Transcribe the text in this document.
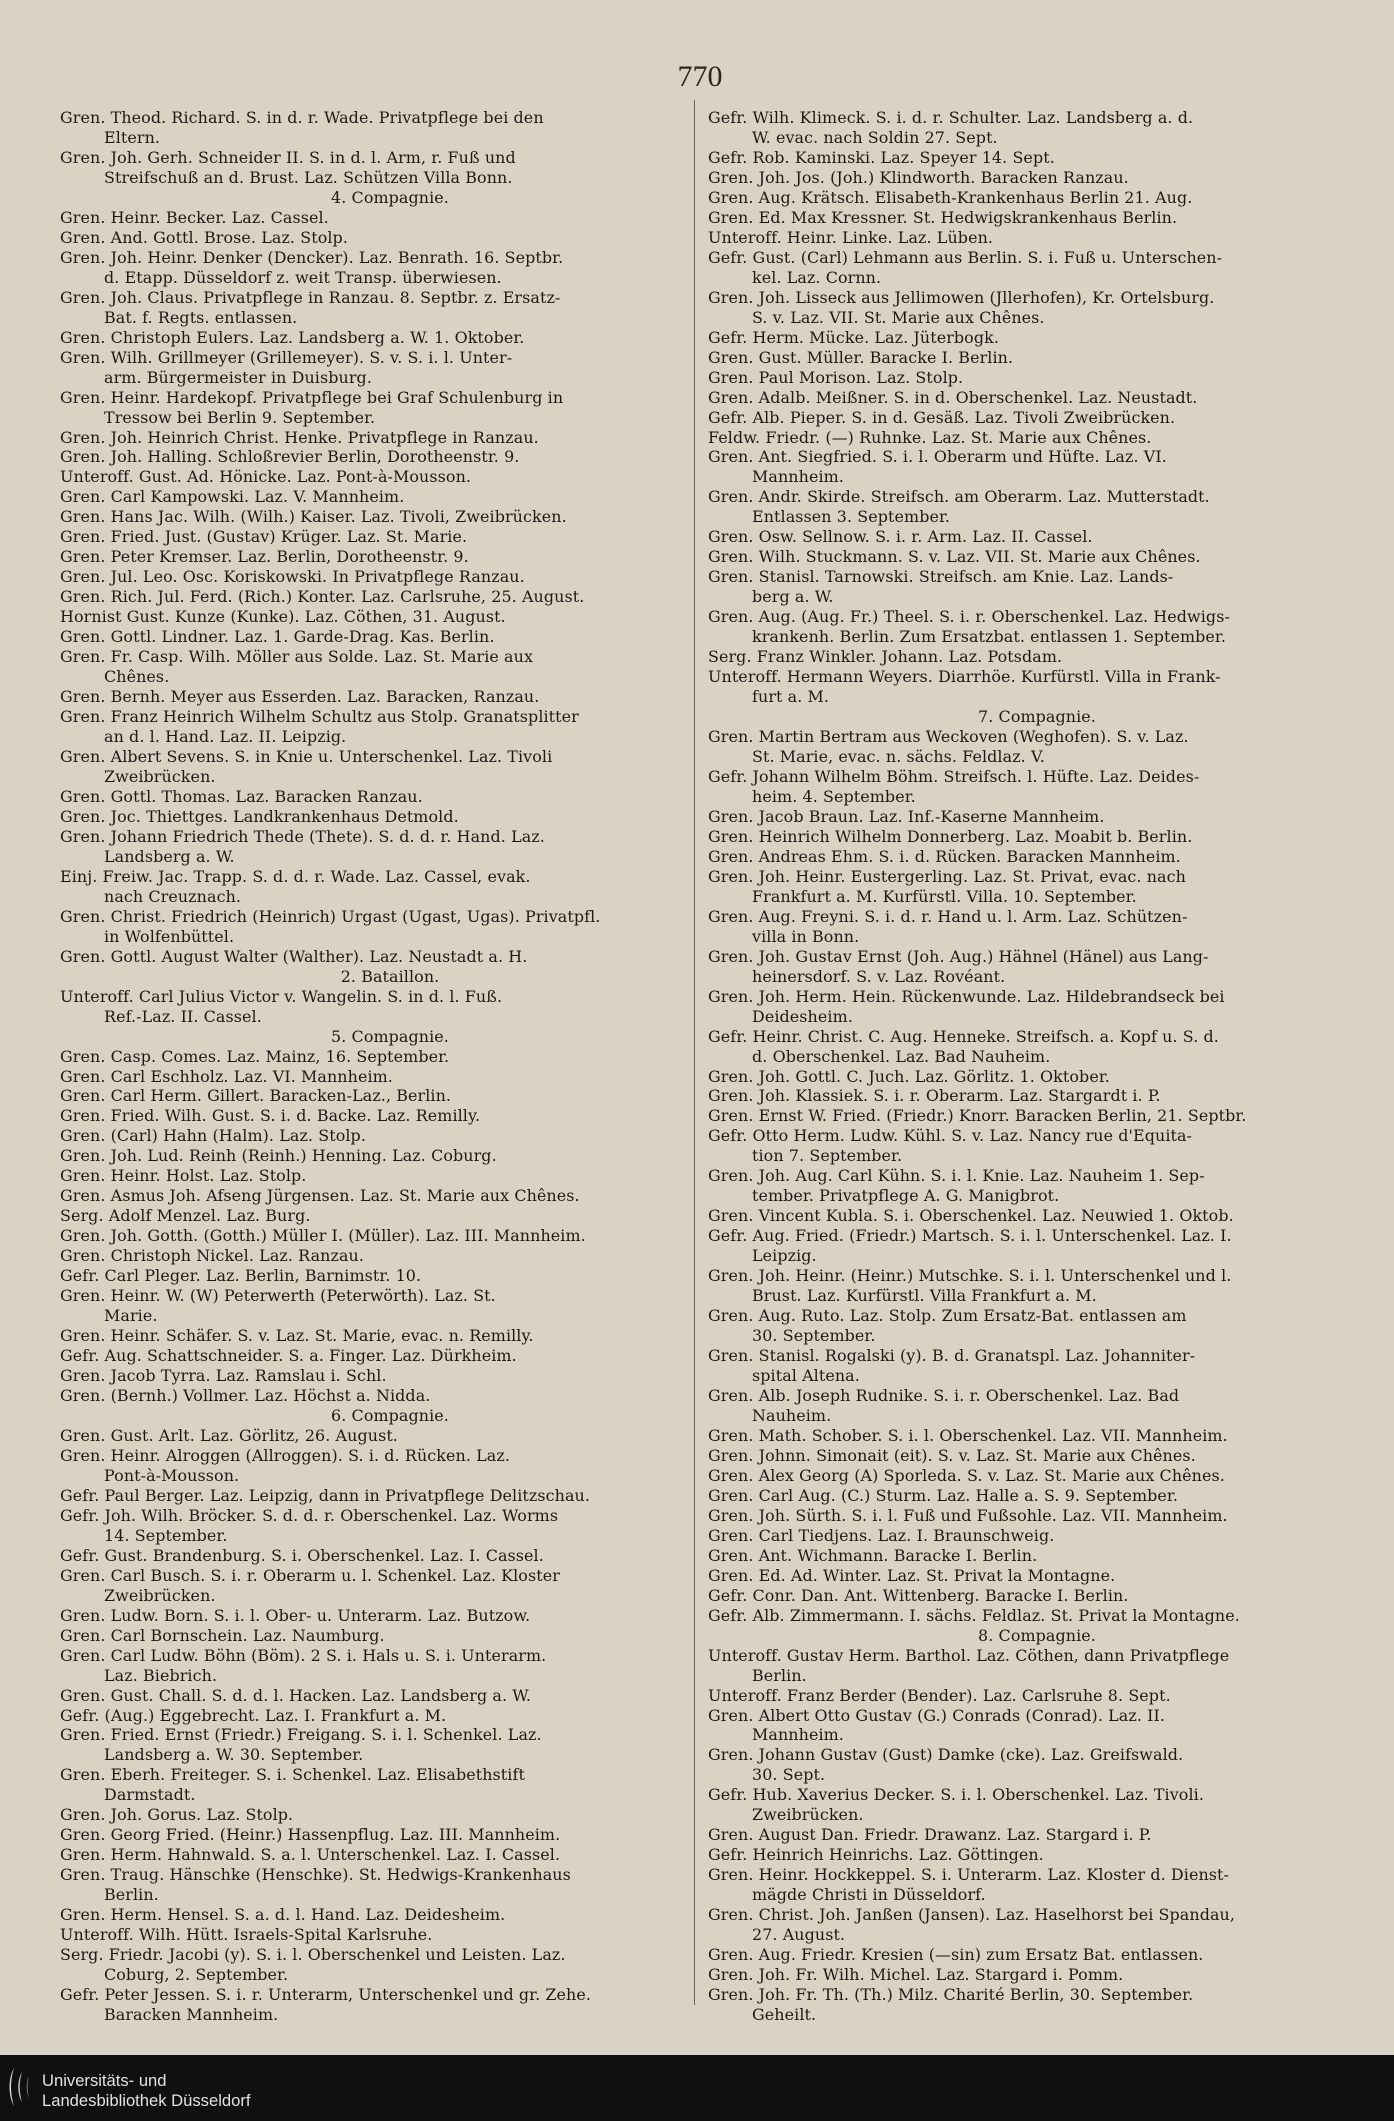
770
Gren. Theod. Richard. S. in d. r. Wade. Privatpflege bei den
Eltern.
Gren. Joh. Gerh. Schneider II. S. in d. l. Arm, r. Fuß und
Streifschuß an d. Brust. Laz. Schützen Villa Bonn.
4. Compagnie.
Gren. Heinr. Becker. Laz. Cassel.
Gren. And. Gottl. Brose. Laz. Stolp.
Gren. Joh. Heinr. Denker (Dencker). Laz. Benrath. 16. Septbr.
d. Etapp. Düsseldorf z. weit Transp. überwiesen.
Gren. Joh. Claus. Privatpflege in Ranzau. 8. Septbr. z. Ersatz-
Bat. f. Regts. entlassen.
Gren. Christoph Eulers. Laz. Landsberg a. W. 1. Oktober.
Gren. Wilh. Grillmeyer (Grillemeyer). S. v. S. i. l. Unter-
arm. Bürgermeister in Duisburg.
Gren. Heinr. Hardekopf. Privatpflege bei Graf Schulenburg in
Tressow bei Berlin 9. September.
Gren. Joh. Heinrich Christ. Henke. Privatpflege in Ranzau.
Gren. Joh. Halling. Schloßrevier Berlin, Dorotheenstr. 9.
Unteroff. Gust. Ad. Hönicke. Laz. Pont-à-Mousson.
Gren. Carl Kampowski. Laz. V. Mannheim.
Gren. Hans Jac. Wilh. (Wilh.) Kaiser. Laz. Tivoli, Zweibrücken.
Gren. Fried. Just. (Gustav) Krüger. Laz. St. Marie.
Gren. Peter Kremser. Laz. Berlin, Dorotheenstr. 9.
Gren. Jul. Leo. Osc. Koriskowski. In Privatpflege Ranzau.
Gren. Rich. Jul. Ferd. (Rich.) Konter. Laz. Carlsruhe, 25. August.
Hornist Gust. Kunze (Kunke). Laz. Cöthen, 31. August.
Gren. Gottl. Lindner. Laz. 1. Garde-Drag. Kas. Berlin.
Gren. Fr. Casp. Wilh. Möller aus Solde. Laz. St. Marie aux
Chênes.
Gren. Bernh. Meyer aus Esserden. Laz. Baracken, Ranzau.
Gren. Franz Heinrich Wilhelm Schultz aus Stolp. Granatsplitter
an d. l. Hand. Laz. II. Leipzig.
Gren. Albert Sevens. S. in Knie u. Unterschenkel. Laz. Tivoli
Zweibrücken.
Gren. Gottl. Thomas. Laz. Baracken Ranzau.
Gren. Joc. Thiettges. Landkrankenhaus Detmold.
Gren. Johann Friedrich Thede (Thete). S. d. d. r. Hand. Laz.
Landsberg a. W.
Einj. Freiw. Jac. Trapp. S. d. d. r. Wade. Laz. Cassel, evak.
nach Creuznach.
Gren. Christ. Friedrich (Heinrich) Urgast (Ugast, Ugas). Privatpfl.
in Wolfenbüttel.
Gren. Gottl. August Walter (Walther). Laz. Neustadt a. H.
2. Bataillon.
Unteroff. Carl Julius Victor v. Wangelin. S. in d. l. Fuß.
Ref.-Laz. II. Cassel.
5. Compagnie.
Gren. Casp. Comes. Laz. Mainz, 16. September.
Gren. Carl Eschholz. Laz. VI. Mannheim.
Gren. Carl Herm. Gillert. Baracken-Laz., Berlin.
Gren. Fried. Wilh. Gust. S. i. d. Backe. Laz. Remilly.
Gren. (Carl) Hahn (Halm). Laz. Stolp.
Gren. Joh. Lud. Reinh (Reinh.) Henning. Laz. Coburg.
Gren. Heinr. Holst. Laz. Stolp.
Gren. Asmus Joh. Afseng Jürgensen. Laz. St. Marie aux Chênes.
Serg. Adolf Menzel. Laz. Burg.
Gren. Joh. Gotth. (Gotth.) Müller I. (Müller). Laz. III. Mannheim.
Gren. Christoph Nickel. Laz. Ranzau.
Gefr. Carl Pleger. Laz. Berlin, Barnimstr. 10.
Gren. Heinr. W. (W) Peterwerth (Peterwörth). Laz. St.
Marie.
Gren. Heinr. Schäfer. S. v. Laz. St. Marie, evac. n. Remilly.
Gefr. Aug. Schattschneider. S. a. Finger. Laz. Dürkheim.
Gren. Jacob Tyrra. Laz. Ramslau i. Schl.
Gren. (Bernh.) Vollmer. Laz. Höchst a. Nidda.
6. Compagnie.
Gren. Gust. Arlt. Laz. Görlitz, 26. August.
Gren. Heinr. Alroggen (Allroggen). S. i. d. Rücken. Laz.
Pont-à-Mousson.
Gefr. Paul Berger. Laz. Leipzig, dann in Privatpflege Delitzschau.
Gefr. Joh. Wilh. Bröcker. S. d. d. r. Oberschenkel. Laz. Worms
14. September.
Gefr. Gust. Brandenburg. S. i. Oberschenkel. Laz. I. Cassel.
Gren. Carl Busch. S. i. r. Oberarm u. l. Schenkel. Laz. Kloster
Zweibrücken.
Gren. Ludw. Born. S. i. l. Ober- u. Unterarm. Laz. Butzow.
Gren. Carl Bornschein. Laz. Naumburg.
Gren. Carl Ludw. Böhn (Böm). 2 S. i. Hals u. S. i. Unterarm.
Laz. Biebrich.
Gren. Gust. Chall. S. d. d. l. Hacken. Laz. Landsberg a. W.
Gefr. (Aug.) Eggebrecht. Laz. I. Frankfurt a. M.
Gren. Fried. Ernst (Friedr.) Freigang. S. i. l. Schenkel. Laz.
Landsberg a. W. 30. September.
Gren. Eberh. Freiteger. S. i. Schenkel. Laz. Elisabethstift
Darmstadt.
Gren. Joh. Gorus. Laz. Stolp.
Gren. Georg Fried. (Heinr.) Hassenpflug. Laz. III. Mannheim.
Gren. Herm. Hahnwald. S. a. l. Unterschenkel. Laz. I. Cassel.
Gren. Traug. Hänschke (Henschke). St. Hedwigs-Krankenhaus
Berlin.
Gren. Herm. Hensel. S. a. d. l. Hand. Laz. Deidesheim.
Unteroff. Wilh. Hütt. Israels-Spital Karlsruhe.
Serg. Friedr. Jacobi (y). S. i. l. Oberschenkel und Leisten. Laz.
Coburg, 2. September.
Gefr. Peter Jessen. S. i. r. Unterarm, Unterschenkel und gr. Zehe.
Baracken Mannheim.
Gefr. Wilh. Klimeck. S. i. d. r. Schulter. Laz. Landsberg a. d.
W. evac. nach Soldin 27. Sept.
Gefr. Rob. Kaminski. Laz. Speyer 14. Sept.
Gren. Joh. Jos. (Joh.) Klindworth. Baracken Ranzau.
Gren. Aug. Krätsch. Elisabeth-Krankenhaus Berlin 21. Aug.
Gren. Ed. Max Kressner. St. Hedwigskrankenhaus Berlin.
Unteroff. Heinr. Linke. Laz. Lüben.
Gefr. Gust. (Carl) Lehmann aus Berlin. S. i. Fuß u. Unterschen-
kel. Laz. Cornn.
Gren. Joh. Lisseck aus Jellimowen (Jllerhofen), Kr. Ortelsburg.
S. v. Laz. VII. St. Marie aux Chênes.
Gefr. Herm. Mücke. Laz. Jüterbogk.
Gren. Gust. Müller. Baracke I. Berlin.
Gren. Paul Morison. Laz. Stolp.
Gren. Adalb. Meißner. S. in d. Oberschenkel. Laz. Neustadt.
Gefr. Alb. Pieper. S. in d. Gesäß. Laz. Tivoli Zweibrücken.
Feldw. Friedr. (—) Ruhnke. Laz. St. Marie aux Chênes.
Gren. Ant. Siegfried. S. i. l. Oberarm und Hüfte. Laz. VI.
Mannheim.
Gren. Andr. Skirde. Streifsch. am Oberarm. Laz. Mutterstadt.
Entlassen 3. September.
Gren. Osw. Sellnow. S. i. r. Arm. Laz. II. Cassel.
Gren. Wilh. Stuckmann. S. v. Laz. VII. St. Marie aux Chênes.
Gren. Stanisl. Tarnowski. Streifsch. am Knie. Laz. Lands-
berg a. W.
Gren. Aug. (Aug. Fr.) Theel. S. i. r. Oberschenkel. Laz. Hedwigs-
krankenh. Berlin. Zum Ersatzbat. entlassen 1. September.
Serg. Franz Winkler. Johann. Laz. Potsdam.
Unteroff. Hermann Weyers. Diarrhöe. Kurfürstl. Villa in Frank-
furt a. M.
7. Compagnie.
Gren. Martin Bertram aus Weckoven (Weghofen). S. v. Laz.
St. Marie, evac. n. sächs. Feldlaz. V.
Gefr. Johann Wilhelm Böhm. Streifsch. l. Hüfte. Laz. Deides-
heim. 4. September.
Gren. Jacob Braun. Laz. Inf.-Kaserne Mannheim.
Gren. Heinrich Wilhelm Donnerberg. Laz. Moabit b. Berlin.
Gren. Andreas Ehm. S. i. d. Rücken. Baracken Mannheim.
Gren. Joh. Heinr. Eustergerling. Laz. St. Privat, evac. nach
Frankfurt a. M. Kurfürstl. Villa. 10. September.
Gren. Aug. Freyni. S. i. d. r. Hand u. l. Arm. Laz. Schützen-
villa in Bonn.
Gren. Joh. Gustav Ernst (Joh. Aug.) Hähnel (Hänel) aus Lang-
heinersdorf. S. v. Laz. Rovéant.
Gren. Joh. Herm. Hein. Rückenwunde. Laz. Hildebrandseck bei
Deidesheim.
Gefr. Heinr. Christ. C. Aug. Henneke. Streifsch. a. Kopf u. S. d.
d. Oberschenkel. Laz. Bad Nauheim.
Gren. Joh. Gottl. C. Juch. Laz. Görlitz. 1. Oktober.
Gren. Joh. Klassiek. S. i. r. Oberarm. Laz. Stargardt i. P.
Gren. Ernst W. Fried. (Friedr.) Knorr. Baracken Berlin, 21. Septbr.
Gefr. Otto Herm. Ludw. Kühl. S. v. Laz. Nancy rue d'Equita-
tion 7. September.
Gren. Joh. Aug. Carl Kühn. S. i. l. Knie. Laz. Nauheim 1. Sep-
tember. Privatpflege A. G. Manigbrot.
Gren. Vincent Kubla. S. i. Oberschenkel. Laz. Neuwied 1. Oktob.
Gefr. Aug. Fried. (Friedr.) Martsch. S. i. l. Unterschenkel. Laz. I.
Leipzig.
Gren. Joh. Heinr. (Heinr.) Mutschke. S. i. l. Unterschenkel und l.
Brust. Laz. Kurfürstl. Villa Frankfurt a. M.
Gren. Aug. Ruto. Laz. Stolp. Zum Ersatz-Bat. entlassen am
30. September.
Gren. Stanisl. Rogalski (y). B. d. Granatspl. Laz. Johanniter-
spital Altena.
Gren. Alb. Joseph Rudnike. S. i. r. Oberschenkel. Laz. Bad
Nauheim.
Gren. Math. Schober. S. i. l. Oberschenkel. Laz. VII. Mannheim.
Gren. Johnn. Simonait (eit). S. v. Laz. St. Marie aux Chênes.
Gren. Alex Georg (A) Sporleda. S. v. Laz. St. Marie aux Chênes.
Gren. Carl Aug. (C.) Sturm. Laz. Halle a. S. 9. September.
Gren. Joh. Sürth. S. i. l. Fuß und Fußsohle. Laz. VII. Mannheim.
Gren. Carl Tiedjens. Laz. I. Braunschweig.
Gren. Ant. Wichmann. Baracke I. Berlin.
Gren. Ed. Ad. Winter. Laz. St. Privat la Montagne.
Gefr. Conr. Dan. Ant. Wittenberg. Baracke I. Berlin.
Gefr. Alb. Zimmermann. I. sächs. Feldlaz. St. Privat la Montagne.
8. Compagnie.
Unteroff. Gustav Herm. Barthol. Laz. Cöthen, dann Privatpflege
Berlin.
Unteroff. Franz Berder (Bender). Laz. Carlsruhe 8. Sept.
Gren. Albert Otto Gustav (G.) Conrads (Conrad). Laz. II.
Mannheim.
Gren. Johann Gustav (Gust) Damke (cke). Laz. Greifswald.
30. Sept.
Gefr. Hub. Xaverius Decker. S. i. l. Oberschenkel. Laz. Tivoli.
Zweibrücken.
Gren. August Dan. Friedr. Drawanz. Laz. Stargard i. P.
Gefr. Heinrich Heinrichs. Laz. Göttingen.
Gren. Heinr. Hockkeppel. S. i. Unterarm. Laz. Kloster d. Dienst-
mägde Christi in Düsseldorf.
Gren. Christ. Joh. Janßen (Jansen). Laz. Haselhorst bei Spandau,
27. August.
Gren. Aug. Friedr. Kresien (—sin) zum Ersatz Bat. entlassen.
Gren. Joh. Fr. Wilh. Michel. Laz. Stargard i. Pomm.
Gren. Joh. Fr. Th. (Th.) Milz. Charité Berlin, 30. September.
Geheilt.
Universitäts- und
Landesbibliothek Düsseldorf
